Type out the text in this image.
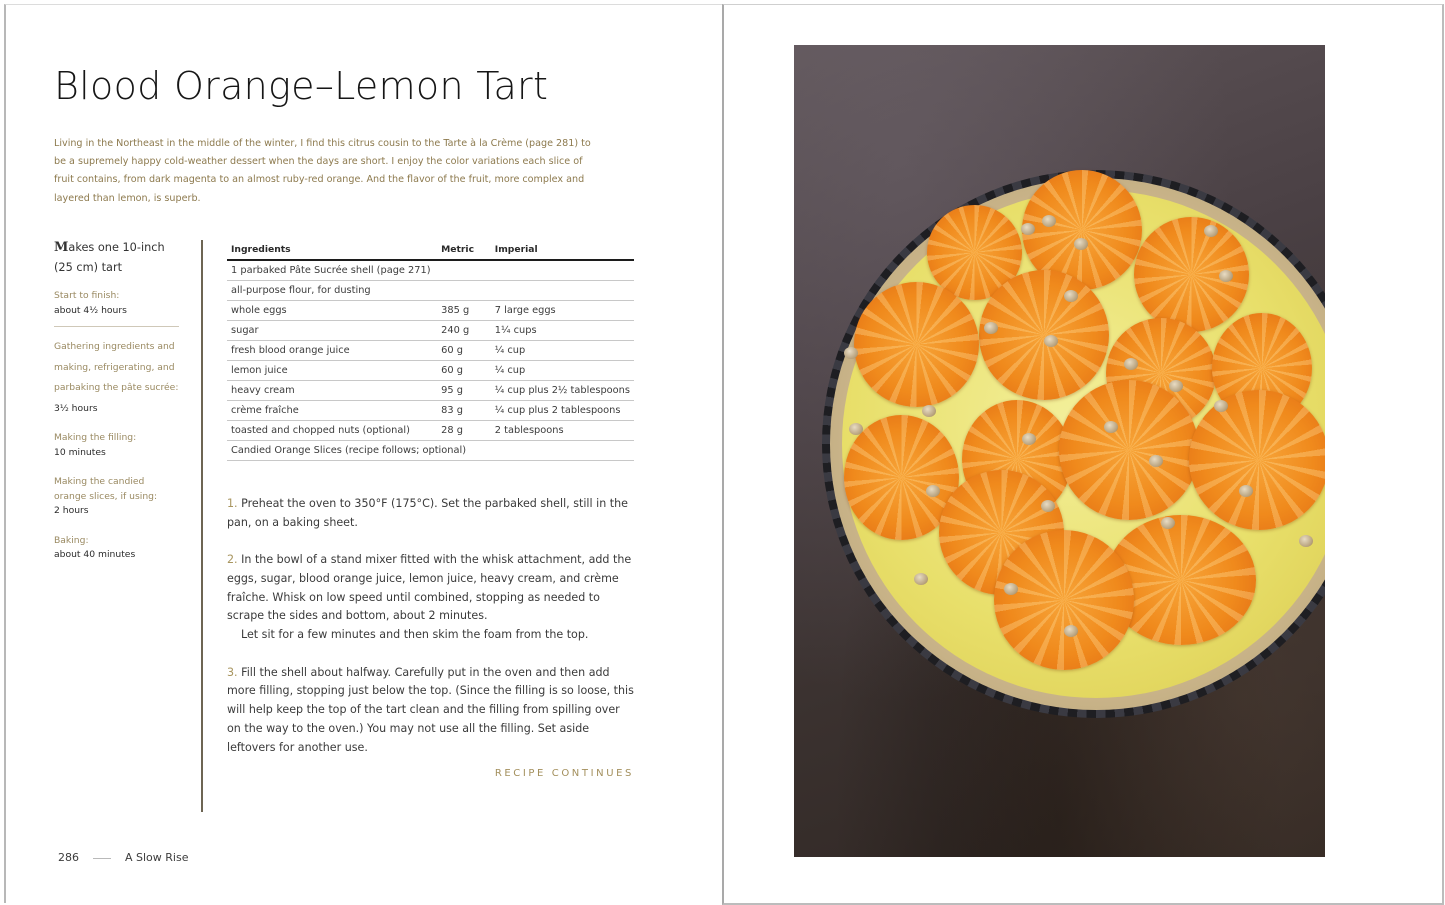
Blood Orange–Lemon Tart

Living in the Northeast in the middle of the winter, I find this citrus cousin to the Tarte à la Crème (page 281) to be a supremely happy cold-weather dessert when the days are short. I enjoy the color variations each slice of fruit contains, from dark magenta to an almost ruby-red orange. And the flavor of the fruit, more complex and layered than lemon, is superb.

Makes one 10-inch (25 cm) tart

Start to finish:
about 4½ hours
Gathering ingredients and making, refrigerating, and parbaking the pâte sucrée: 3½ hours
Making the filling:
10 minutes
Making the candied orange slices, if using:
2 hours
Baking:
about 40 minutes
Ingredients	Metric	Imperial
1 parbaked Pâte Sucrée shell (page 271)		
all-purpose flour, for dusting		
whole eggs	385 g	7 large eggs
sugar	240 g	1¼ cups
fresh blood orange juice	60 g	¼ cup
lemon juice	60 g	¼ cup
heavy cream	95 g	¼ cup plus 2½ tablespoons
crème fraîche	83 g	¼ cup plus 2 tablespoons
toasted and chopped nuts (optional)	28 g	2 tablespoons
Candied Orange Slices (recipe follows; optional)		

1. Preheat the oven to 350°F (175°C). Set the parbaked shell, still in the pan, on a baking sheet.

2. In the bowl of a stand mixer fitted with the whisk attachment, add the eggs, sugar, blood orange juice, lemon juice, heavy cream, and crème fraîche. Whisk on low speed until combined, stopping as needed to scrape the sides and bottom, about 2 minutes.
Let sit for a few minutes and then skim the foam from the top.

3. Fill the shell about halfway. Carefully put in the oven and then add more filling, stopping just below the top. (Since the filling is so loose, this will help keep the top of the tart clean and the filling from spilling over on the way to the oven.) You may not use all the filling. Set aside leftovers for another use.

RECIPE CONTINUES
286	A Slow Rise
